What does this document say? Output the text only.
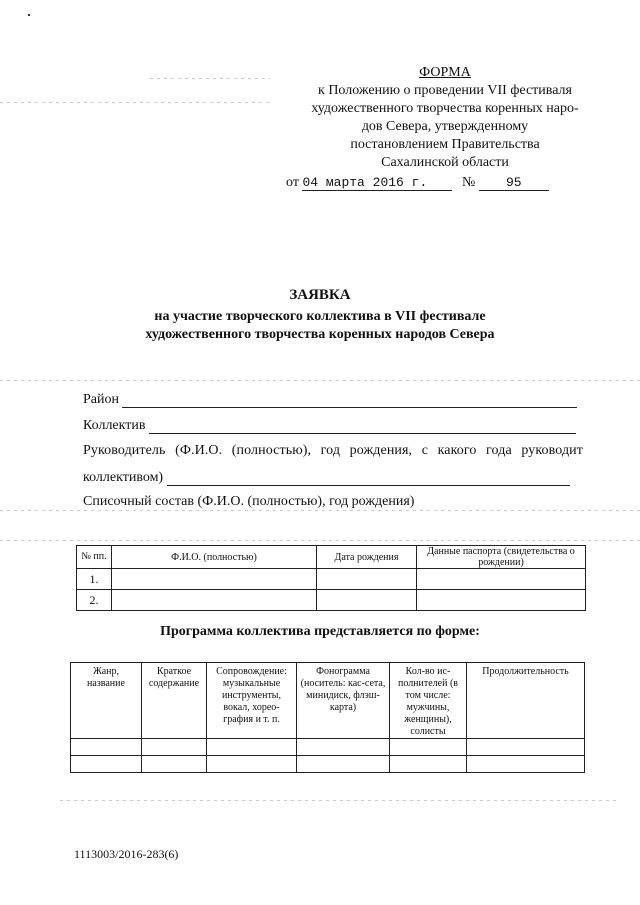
ФОРМА
к Положению о проведении VII фестиваля
художественного творчества коренных наро-
дов Севера, утвержденному
постановлением Правительства
Сахалинской области
от 04 марта 2016 г. № 95
ЗАЯВКА
на участие творческого коллектива в VII фестивале
художественного творчества коренных народов Севера
Район
Коллектив
Руководитель (Ф.И.О. (полностью), год рождения, с какого года руководит
коллективом)
Списочный состав (Ф.И.О. (полностью), год рождения)
№ пп.	Ф.И.О. (полностью)	Дата рождения	Данные паспорта (свидетельства о рождении)
1.			
2.			
Программа коллектива представляется по форме:
Жанр, название	Краткое содержание	Сопровождение: музыкальные инструменты, вокал, хорео-графия и т. п.	Фонограмма (носитель: кас-сета, минидиск, флэш-карта)	Кол-во ис-полнителей (в том числе: мужчины, женщины), солисты	Продолжительность

1113003/2016-283(6)
